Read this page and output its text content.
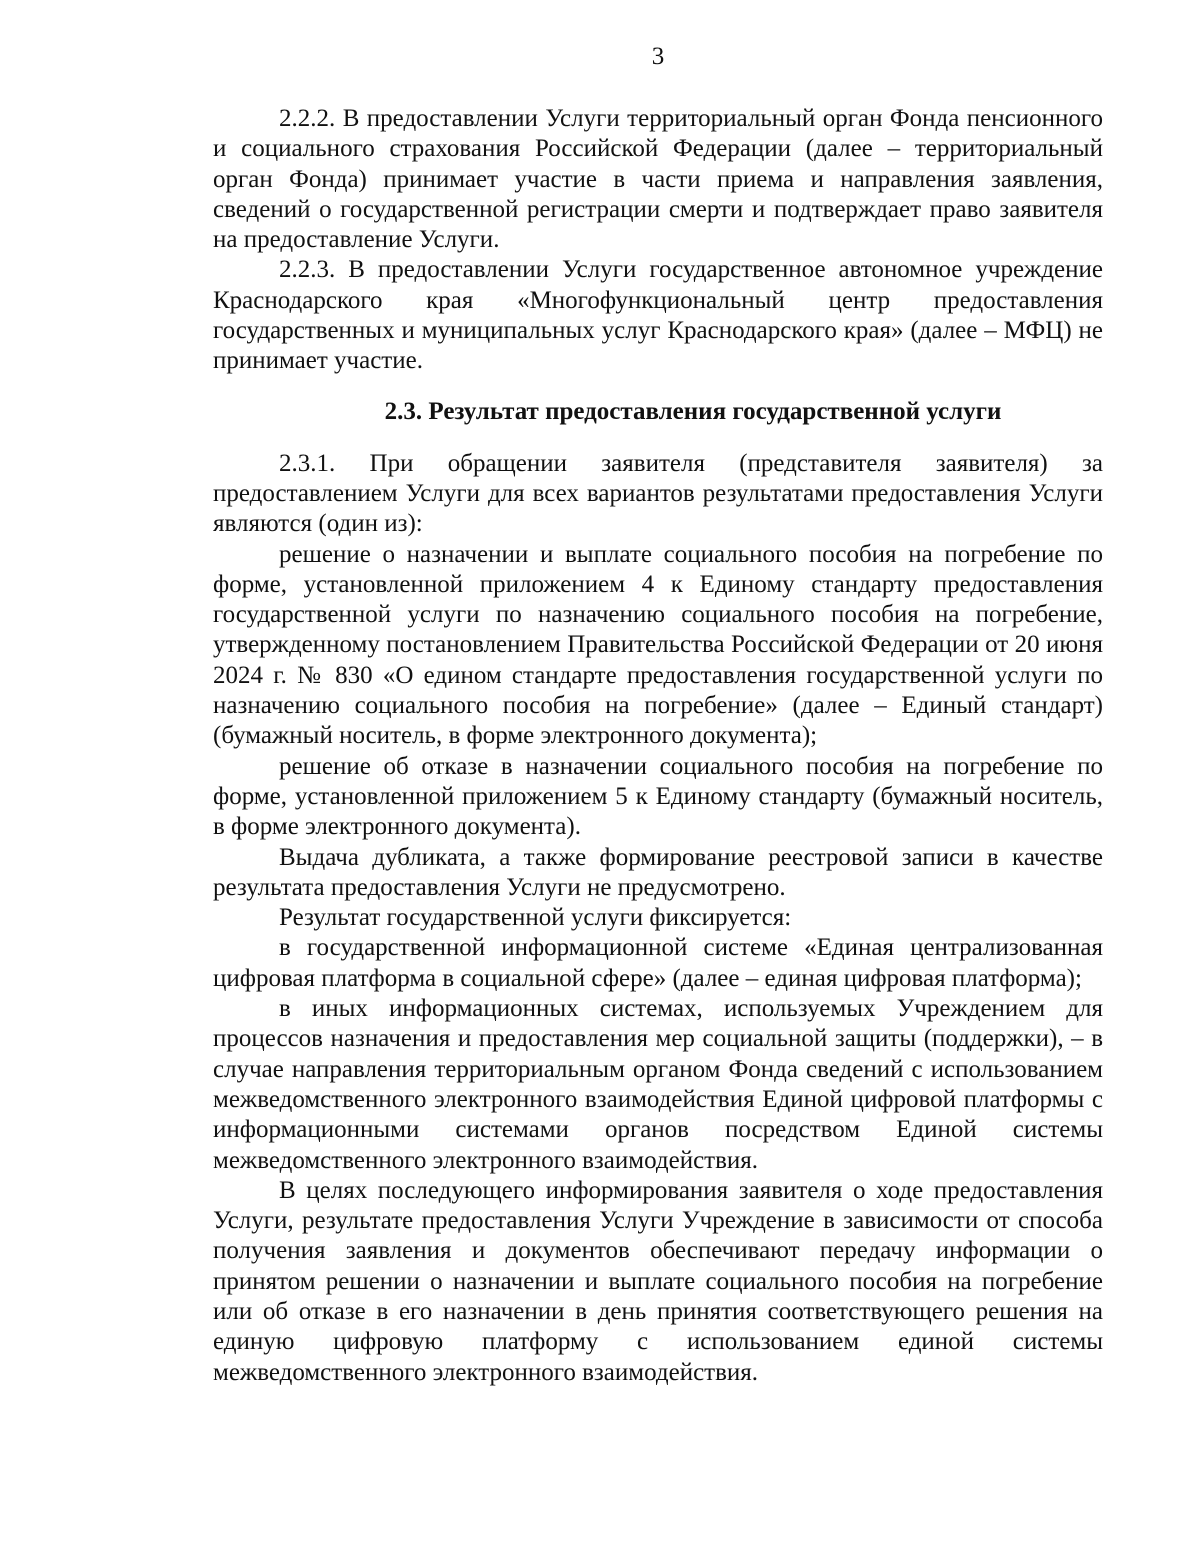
3

2.2.2. В предоставлении Услуги территориальный орган Фонда пенсионного и социального страхования Российской Федерации (далее – территориальный орган Фонда) принимает участие в части приема и направления заявления, сведений о государственной регистрации смерти и подтверждает право заявителя на предоставление Услуги.

2.2.3. В предоставлении Услуги государственное автономное учреждение Краснодарского края «Многофункциональный центр предоставления государственных и муниципальных услуг Краснодарского края» (далее – МФЦ) не принимает участие.

2.3. Результат предоставления государственной услуги

2.3.1. При обращении заявителя (представителя заявителя) за предоставлением Услуги для всех вариантов результатами предоставления Услуги являются (один из):

решение о назначении и выплате социального пособия на погребение по форме, установленной приложением 4 к Единому стандарту предоставления государственной услуги по назначению социального пособия на погребение, утвержденному постановлением Правительства Российской Федерации от 20 июня 2024 г. № 830 «О едином стандарте предоставления государственной услуги по назначению социального пособия на погребение» (далее – Единый стандарт) (бумажный носитель, в форме электронного документа);

решение об отказе в назначении социального пособия на погребение по форме, установленной приложением 5 к Единому стандарту (бумажный носитель, в форме электронного документа).

Выдача дубликата, а также формирование реестровой записи в качестве результата предоставления Услуги не предусмотрено.

Результат государственной услуги фиксируется:

в государственной информационной системе «Единая централизованная цифровая платформа в социальной сфере» (далее – единая цифровая платформа);

в иных информационных системах, используемых Учреждением для процессов назначения и предоставления мер социальной защиты (поддержки), – в случае направления территориальным органом Фонда сведений с использованием межведомственного электронного взаимодействия Единой цифровой платформы с информационными системами органов посредством Единой системы межведомственного электронного взаимодействия.

В целях последующего информирования заявителя о ходе предоставления Услуги, результате предоставления Услуги Учреждение в зависимости от способа получения заявления и документов обеспечивают передачу информации о принятом решении о назначении и выплате социального пособия на погребение или об отказе в его назначении в день принятия соответствующего решения на единую цифровую платформу с использованием единой системы межведомственного электронного взаимодействия.
